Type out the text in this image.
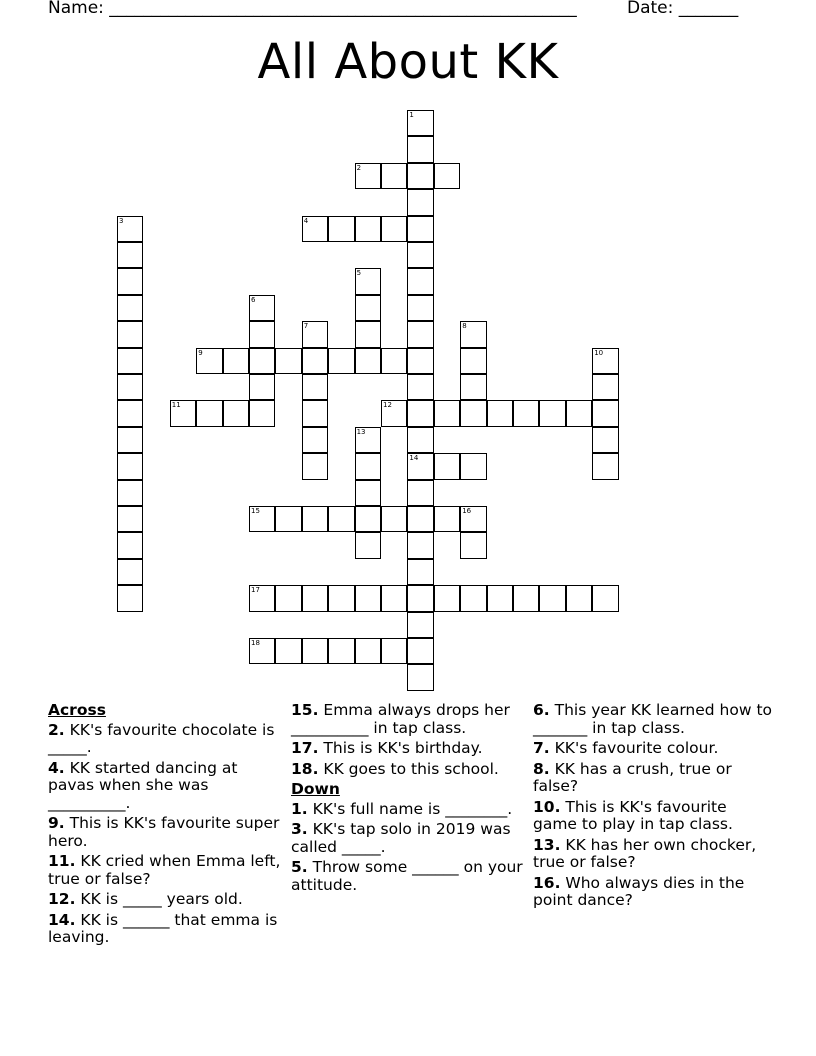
Name: _______________________________________________________	Date: _______
All About KK
1
14
2
3	4
5
6
7	8
9	10
11	12
13
15	16
17
18
Across
2. KK's favourite chocolate is _____.
4. KK started dancing at pavas when she was __________.
9. This is KK's favourite super hero.
11. KK cried when Emma left, true or false?
12. KK is _____ years old.
14. KK is ______ that emma is leaving.
15. Emma always drops her __________ in tap class.
17. This is KK's birthday.
18. KK goes to this school.
Down
1. KK's full name is ________.
3. KK's tap solo in 2019 was called _____.
5. Throw some ______ on your attitude.
6. This year KK learned how to _______ in tap class.
7. KK's favourite colour.
8. KK has a crush, true or false?
10. This is KK's favourite game to play in tap class.
13. KK has her own chocker, true or false?
16. Who always dies in the point dance?
